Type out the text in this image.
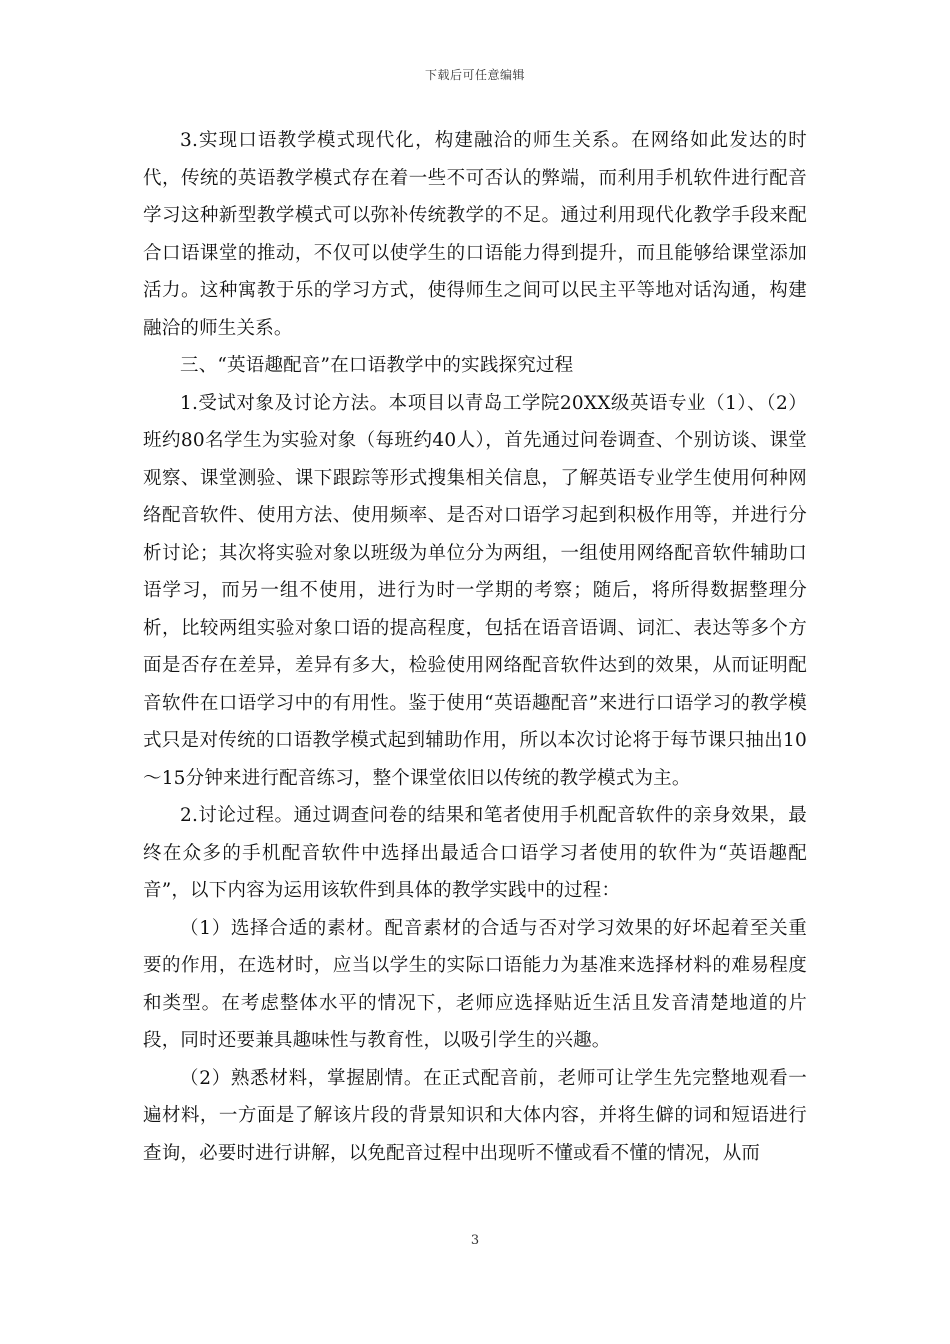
下载后可任意编辑

3.实现口语教学模式现代化，构建融洽的师生关系。在网络如此发达的时代，传统的英语教学模式存在着一些不可否认的弊端，而利用手机软件进行配音学习这种新型教学模式可以弥补传统教学的不足。通过利用现代化教学手段来配合口语课堂的推动，不仅可以使学生的口语能力得到提升，而且能够给课堂添加活力。这种寓教于乐的学习方式，使得师生之间可以民主平等地对话沟通，构建融洽的师生关系。

三、“英语趣配音”在口语教学中的实践探究过程

1.受试对象及讨论方法。本项目以青岛工学院20XX级英语专业（1）、（2）班约80名学生为实验对象（每班约40人），首先通过问卷调查、个别访谈、课堂观察、课堂测验、课下跟踪等形式搜集相关信息，了解英语专业学生使用何种网络配音软件、使用方法、使用频率、是否对口语学习起到积极作用等，并进行分析讨论；其次将实验对象以班级为单位分为两组，一组使用网络配音软件辅助口语学习，而另一组不使用，进行为时一学期的考察；随后，将所得数据整理分析，比较两组实验对象口语的提高程度，包括在语音语调、词汇、表达等多个方面是否存在差异，差异有多大，检验使用网络配音软件达到的效果，从而证明配音软件在口语学习中的有用性。鉴于使用“英语趣配音”来进行口语学习的教学模式只是对传统的口语教学模式起到辅助作用，所以本次讨论将于每节课只抽出10～15分钟来进行配音练习，整个课堂依旧以传统的教学模式为主。

2.讨论过程。通过调查问卷的结果和笔者使用手机配音软件的亲身效果，最终在众多的手机配音软件中选择出最适合口语学习者使用的软件为“英语趣配音”，以下内容为运用该软件到具体的教学实践中的过程：

（1）选择合适的素材。配音素材的合适与否对学习效果的好坏起着至关重要的作用，在选材时，应当以学生的实际口语能力为基准来选择材料的难易程度和类型。在考虑整体水平的情况下，老师应选择贴近生活且发音清楚地道的片段，同时还要兼具趣味性与教育性，以吸引学生的兴趣。

（2）熟悉材料，掌握剧情。在正式配音前，老师可让学生先完整地观看一遍材料，一方面是了解该片段的背景知识和大体内容，并将生僻的词和短语进行查询，必要时进行讲解，以免配音过程中出现听不懂或看不懂的情况，从而

3
